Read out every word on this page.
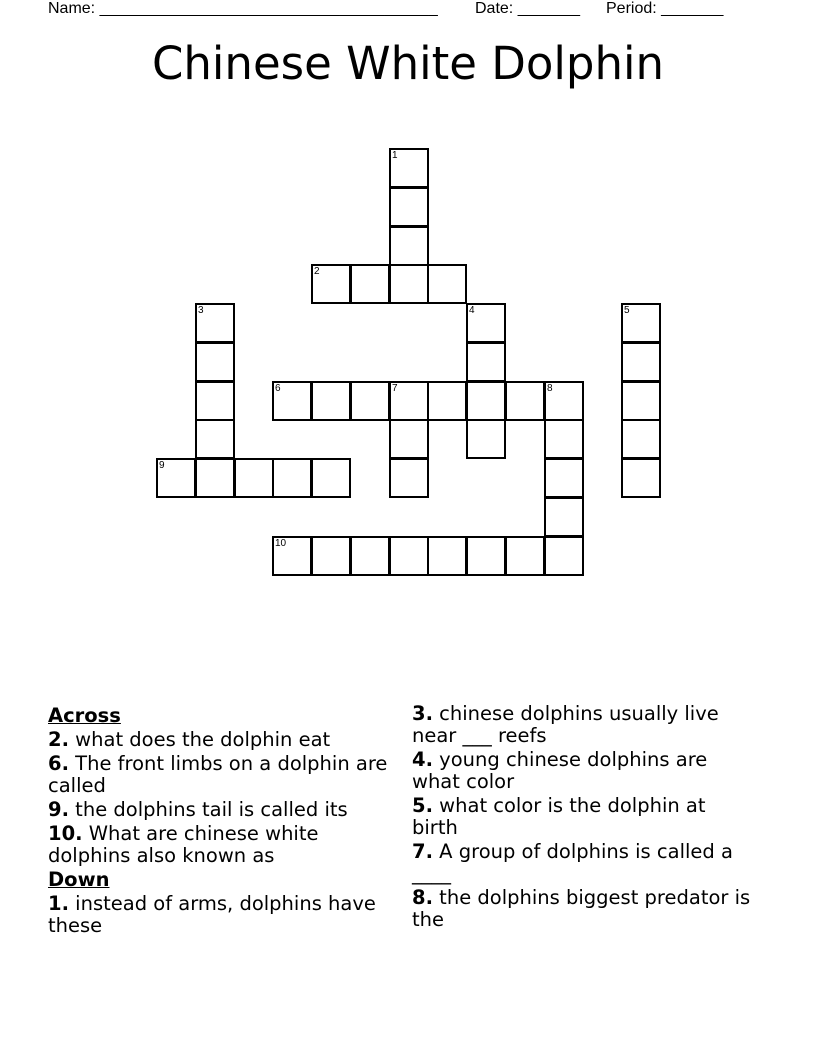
Name: ______________________________________ Date: _______ Period: _______
Chinese White Dolphin
1
2
3	4	5
6	7	8
9
10
Across
2. what does the dolphin eat
6. The front limbs on a dolphin are called
9. the dolphins tail is called its
10. What are chinese white dolphins also known as
Down
1. instead of arms, dolphins have these
3. chinese dolphins usually live near ___ reefs
4. young chinese dolphins are what color
5. what color is the dolphin at birth
7. A group of dolphins is called a ____
8. the dolphins biggest predator is the
